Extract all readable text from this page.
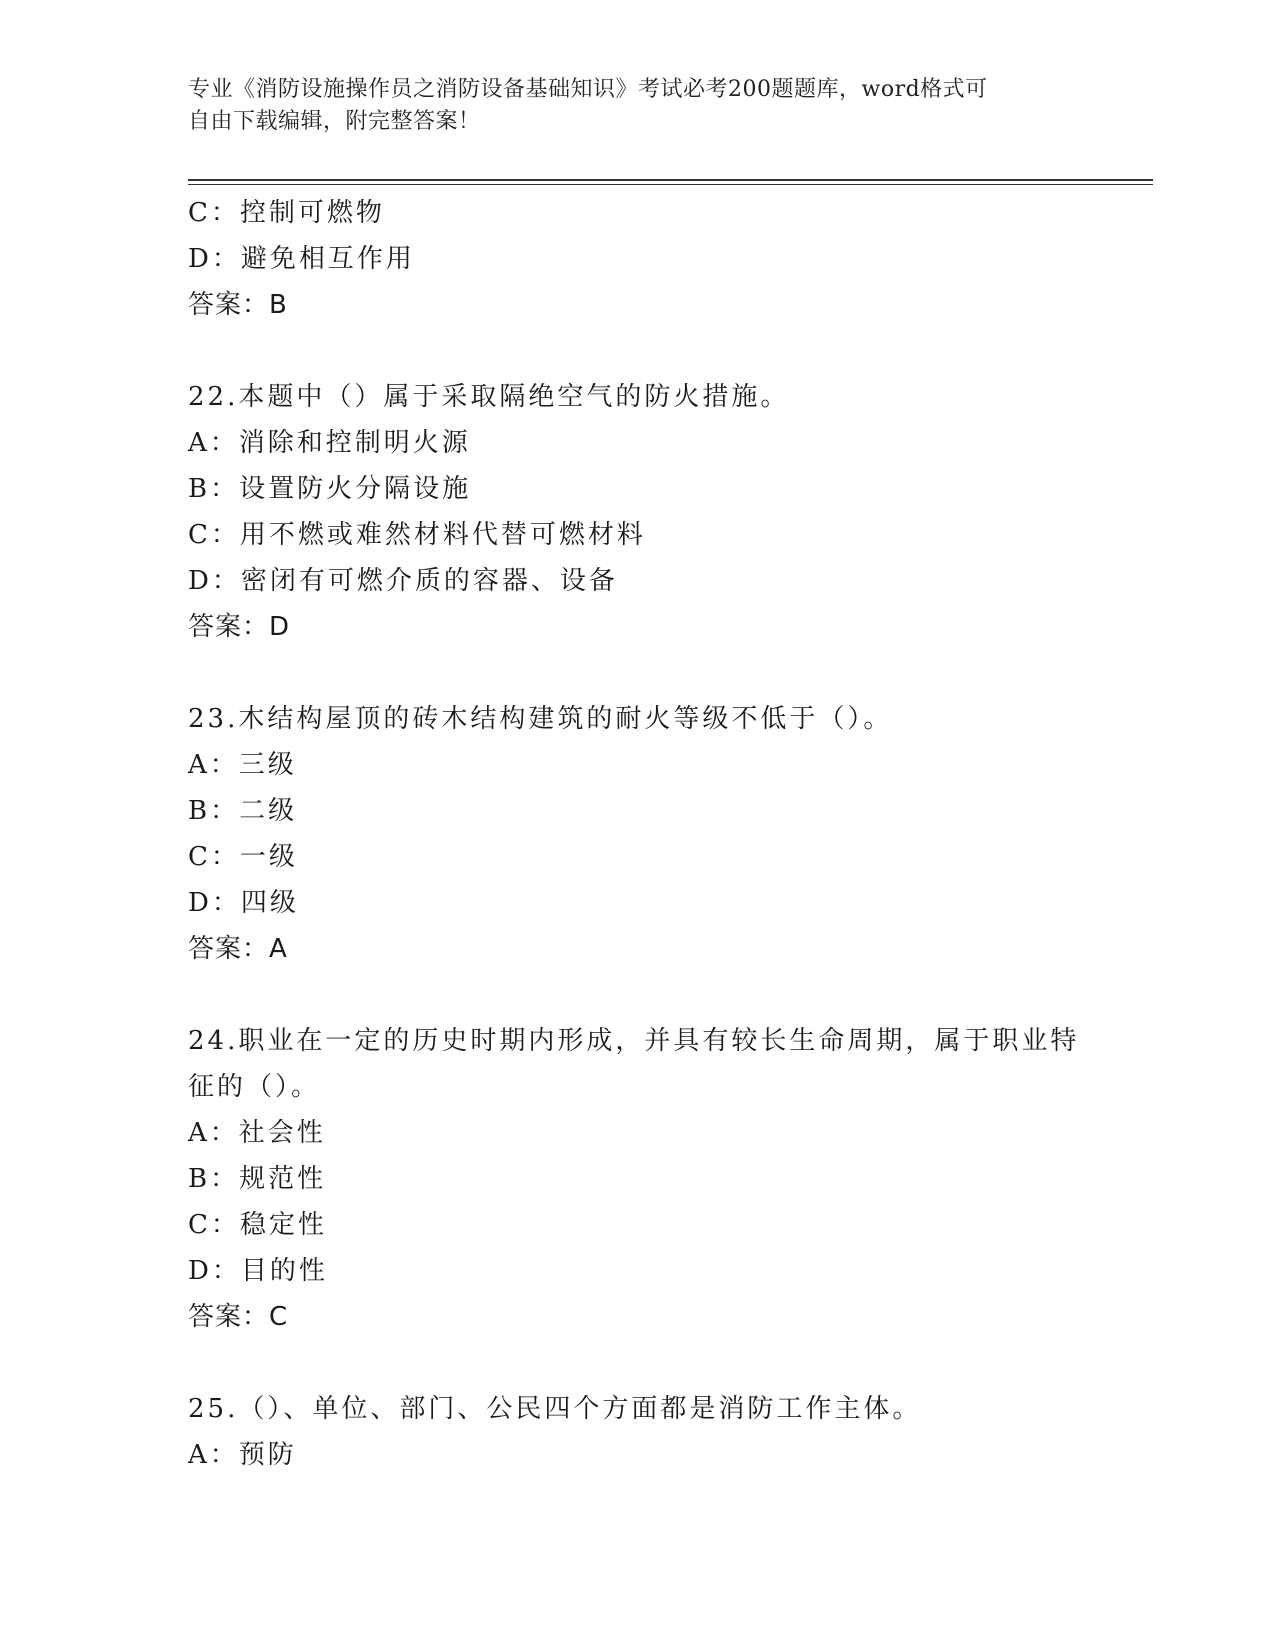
专业《消防设施操作员之消防设备基础知识》考试必考200题题库，word格式可
自由下载编辑，附完整答案！
C：控制可燃物
D：避免相互作用
答案：B
22.本题中（）属于采取隔绝空气的防火措施。
A：消除和控制明火源
B：设置防火分隔设施
C：用不燃或难然材料代替可燃材料
D：密闭有可燃介质的容器、设备
答案：D
23.木结构屋顶的砖木结构建筑的耐火等级不低于（）。
A：三级
B：二级
C：一级
D：四级
答案：A
24.职业在一定的历史时期内形成，并具有较长生命周期，属于职业特
征的（）。
A：社会性
B：规范性
C：稳定性
D：目的性
答案：C
25.（）、单位、部门、公民四个方面都是消防工作主体。
A：预防
